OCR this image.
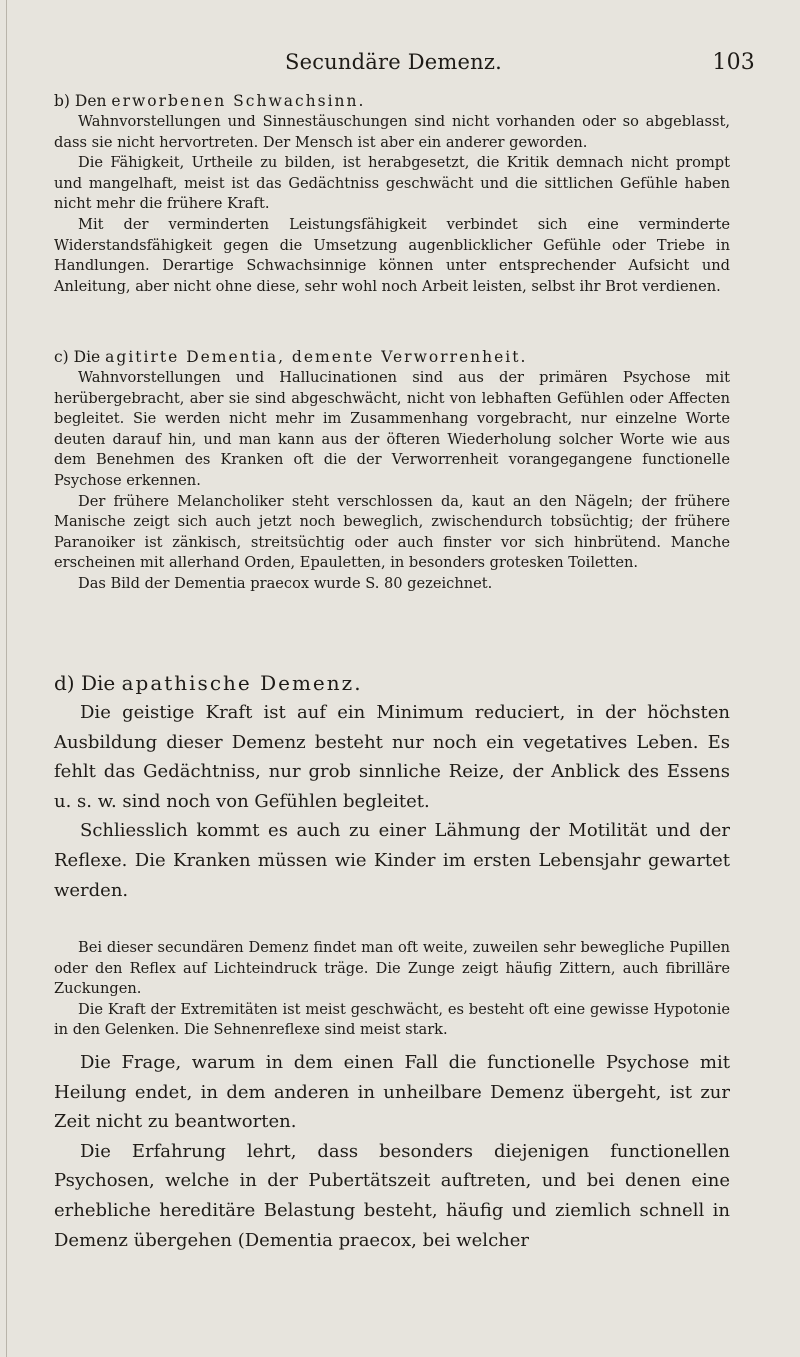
Secundäre Demenz.	103
b) Den erworbenen Schwachsinn.

Wahnvorstellungen und Sinnestäuschungen sind nicht vorhanden oder so abgeblasst, dass sie nicht hervortreten. Der Mensch ist aber ein anderer geworden.

Die Fähigkeit, Urtheile zu bilden, ist herabgesetzt, die Kritik demnach nicht prompt und mangelhaft, meist ist das Gedächtniss geschwächt und die sittlichen Gefühle haben nicht mehr die frühere Kraft.

Mit der verminderten Leistungsfähigkeit verbindet sich eine verminderte Widerstandsfähigkeit gegen die Umsetzung augenblicklicher Gefühle oder Triebe in Handlungen. Derartige Schwachsinnige können unter entsprechender Aufsicht und Anleitung, aber nicht ohne diese, sehr wohl noch Arbeit leisten, selbst ihr Brot verdienen.

c) Die agitirte Dementia, demente Verworrenheit.

Wahnvorstellungen und Hallucinationen sind aus der primären Psychose mit herübergebracht, aber sie sind abgeschwächt, nicht von lebhaften Gefühlen oder Affecten begleitet. Sie werden nicht mehr im Zusammenhang vorgebracht, nur einzelne Worte deuten darauf hin, und man kann aus der öfteren Wiederholung solcher Worte wie aus dem Benehmen des Kranken oft die der Verworrenheit vorangegangene functionelle Psychose erkennen.

Der frühere Melancholiker steht verschlossen da, kaut an den Nägeln; der frühere Manische zeigt sich auch jetzt noch beweglich, zwischendurch tobsüchtig; der frühere Paranoiker ist zänkisch, streitsüchtig oder auch finster vor sich hinbrütend. Manche erscheinen mit allerhand Orden, Epauletten, in besonders grotesken Toiletten.

Das Bild der Dementia praecox wurde S. 80 gezeichnet.

d) Die apathische Demenz.

Die geistige Kraft ist auf ein Minimum reduciert, in der höchsten Ausbildung dieser Demenz besteht nur noch ein vegetatives Leben. Es fehlt das Gedächtniss, nur grob sinnliche Reize, der Anblick des Essens u. s. w. sind noch von Gefühlen begleitet.

Schliesslich kommt es auch zu einer Lähmung der Motilität und der Reflexe. Die Kranken müssen wie Kinder im ersten Lebensjahr gewartet werden.

Bei dieser secundären Demenz findet man oft weite, zuweilen sehr bewegliche Pupillen oder den Reflex auf Lichteindruck träge. Die Zunge zeigt häufig Zittern, auch fibrilläre Zuckungen.

Die Kraft der Extremitäten ist meist geschwächt, es besteht oft eine gewisse Hypotonie in den Gelenken. Die Sehnenreflexe sind meist stark.

Die Frage, warum in dem einen Fall die functionelle Psychose mit Heilung endet, in dem anderen in unheilbare Demenz übergeht, ist zur Zeit nicht zu beantworten.

Die Erfahrung lehrt, dass besonders diejenigen functionellen Psychosen, welche in der Pubertätszeit auftreten, und bei denen eine erhebliche hereditäre Belastung besteht, häufig und ziemlich schnell in Demenz übergehen (Dementia praecox, bei welcher
